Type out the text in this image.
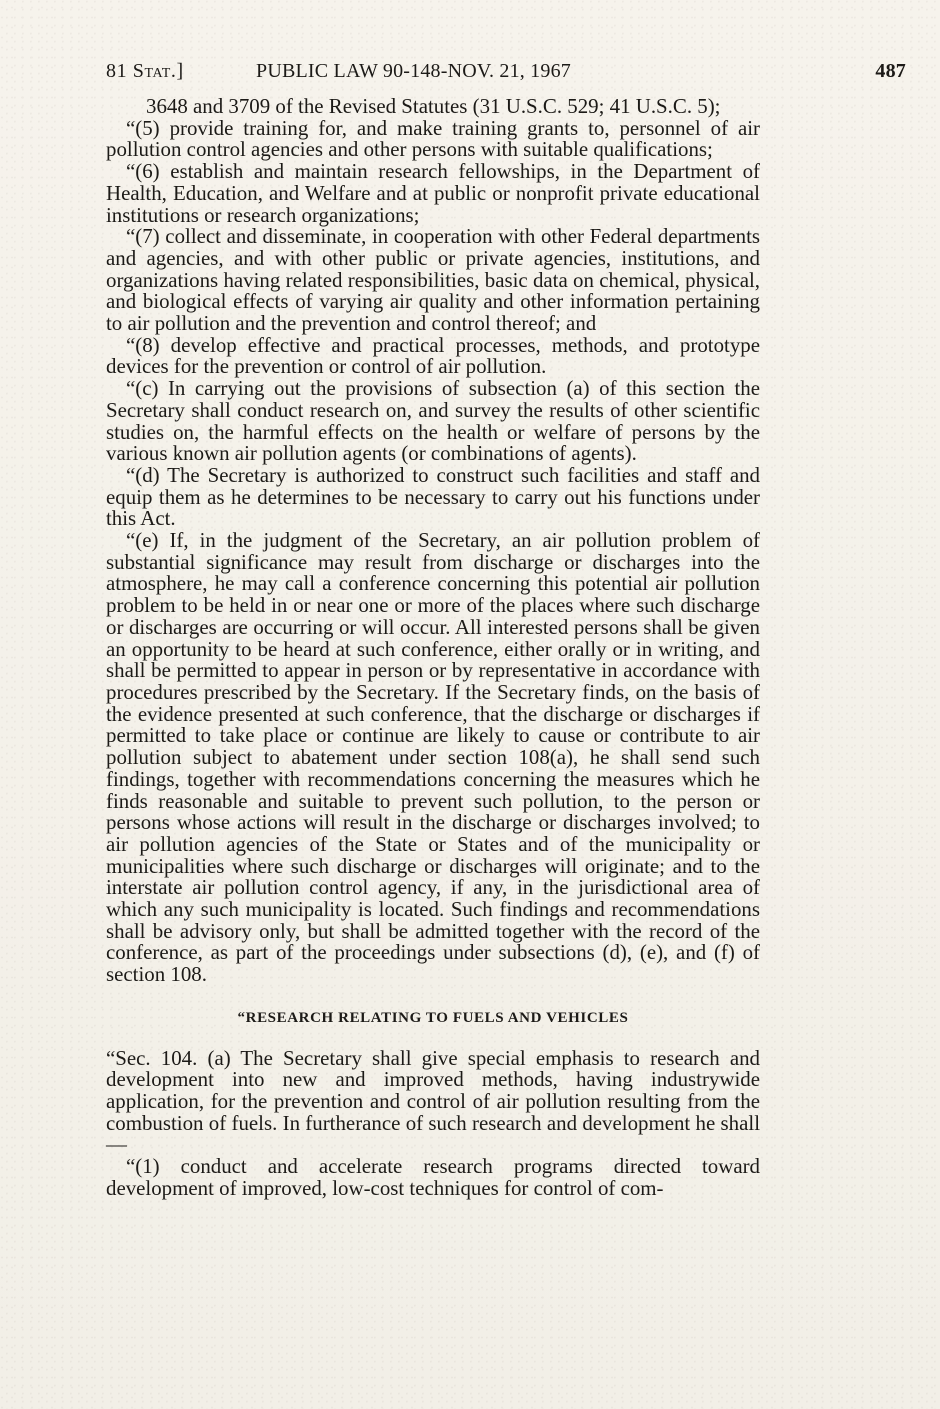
81 Stat.]	PUBLIC LAW 90-148-NOV. 21, 1967	487

3648 and 3709 of the Revised Statutes (31 U.S.C. 529; 41 U.S.C. 5);

“(5) provide training for, and make training grants to, personnel of air pollution control agencies and other persons with suitable qualifications;

“(6) establish and maintain research fellowships, in the Department of Health, Education, and Welfare and at public or nonprofit private educational institutions or research organizations;

“(7) collect and disseminate, in cooperation with other Federal departments and agencies, and with other public or private agencies, institutions, and organizations having related responsibilities, basic data on chemical, physical, and biological effects of varying air quality and other information pertaining to air pollution and the prevention and control thereof; and

“(8) develop effective and practical processes, methods, and prototype devices for the prevention or control of air pollution.

“(c) In carrying out the provisions of subsection (a) of this section the Secretary shall conduct research on, and survey the results of other scientific studies on, the harmful effects on the health or welfare of persons by the various known air pollution agents (or combinations of agents).

“(d) The Secretary is authorized to construct such facilities and staff and equip them as he determines to be necessary to carry out his functions under this Act.

“(e) If, in the judgment of the Secretary, an air pollution problem of substantial significance may result from discharge or discharges into the atmosphere, he may call a conference concerning this potential air pollution problem to be held in or near one or more of the places where such discharge or discharges are occurring or will occur. All interested persons shall be given an opportunity to be heard at such conference, either orally or in writing, and shall be permitted to appear in person or by representative in accordance with procedures prescribed by the Secretary. If the Secretary finds, on the basis of the evidence presented at such conference, that the discharge or discharges if permitted to take place or continue are likely to cause or contribute to air pollution subject to abatement under section 108(a), he shall send such findings, together with recommendations concerning the measures which he finds reasonable and suitable to prevent such pollution, to the person or persons whose actions will result in the discharge or discharges involved; to air pollution agencies of the State or States and of the municipality or municipalities where such discharge or discharges will originate; and to the interstate air pollution control agency, if any, in the jurisdictional area of which any such municipality is located. Such findings and recommendations shall be advisory only, but shall be admitted together with the record of the conference, as part of the proceedings under subsections (d), (e), and (f) of section 108.

“RESEARCH RELATING TO FUELS AND VEHICLES

“Sec. 104. (a) The Secretary shall give special emphasis to research and development into new and improved methods, having industrywide application, for the prevention and control of air pollution resulting from the combustion of fuels. In furtherance of such research and development he shall—

“(1) conduct and accelerate research programs directed toward development of improved, low-cost techniques for control of com-
